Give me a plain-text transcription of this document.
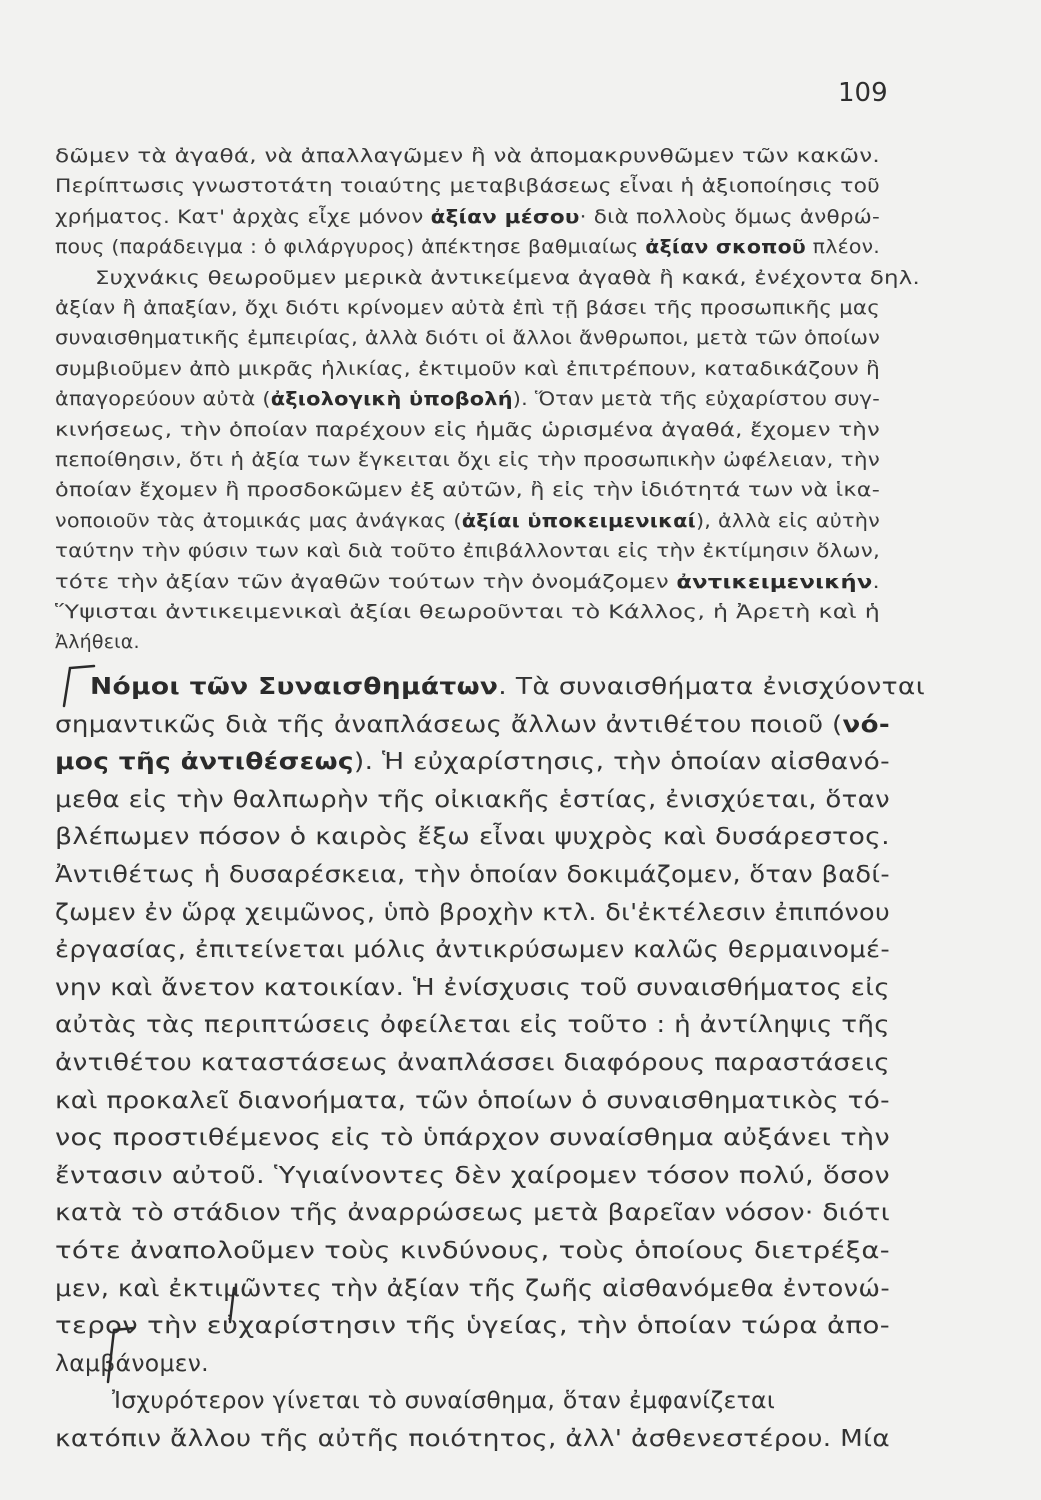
109
δῶμεν τὰ ἀγαθά, νὰ ἀπαλλαγῶμεν ἢ νὰ ἀπομακρυνθῶμεν τῶν κακῶν.
Περίπτωσις γνωστοτάτη τοιαύτης μεταβιβάσεως εἶναι ἡ ἀξιοποίησις τοῦ
χρήματος. Κατ' ἀρχὰς εἶχε μόνον ἀξίαν μέσου· διὰ πολλοὺς ὅμως ἀνθρώ-
πους (παράδειγμα : ὁ φιλάργυρος) ἀπέκτησε βαθμιαίως ἀξίαν σκοποῦ πλέον.
Συχνάκις θεωροῦμεν μερικὰ ἀντικείμενα ἀγαθὰ ἢ κακά, ἐνέχοντα δηλ.
ἀξίαν ἢ ἀπαξίαν, ὄχι διότι κρίνομεν αὐτὰ ἐπὶ τῇ βάσει τῆς προσωπικῆς μας
συναισθηματικῆς ἐμπειρίας, ἀλλὰ διότι οἱ ἄλλοι ἄνθρωποι, μετὰ τῶν ὁποίων
συμβιοῦμεν ἀπὸ μικρᾶς ἡλικίας, ἐκτιμοῦν καὶ ἐπιτρέπουν, καταδικάζουν ἢ
ἀπαγορεύουν αὐτὰ (ἀξιολογικὴ ὑποβολή). Ὅταν μετὰ τῆς εὐχαρίστου συγ-
κινήσεως, τὴν ὁποίαν παρέχουν εἰς ἡμᾶς ὡρισμένα ἀγαθά, ἔχομεν τὴν
πεποίθησιν, ὅτι ἡ ἀξία των ἔγκειται ὄχι εἰς τὴν προσωπικὴν ὠφέλειαν, τὴν
ὁποίαν ἔχομεν ἢ προσδοκῶμεν ἐξ αὐτῶν, ἢ εἰς τὴν ἰδιότητά των νὰ ἱκα-
νοποιοῦν τὰς ἀτομικάς μας ἀνάγκας (ἀξίαι ὑποκειμενικαί), ἀλλὰ εἰς αὐτὴν
ταύτην τὴν φύσιν των καὶ διὰ τοῦτο ἐπιβάλλονται εἰς τὴν ἐκτίμησιν ὅλων,
τότε τὴν ἀξίαν τῶν ἀγαθῶν τούτων τὴν ὀνομάζομεν ἀντικειμενικήν.
Ὕψισται ἀντικειμενικαὶ ἀξίαι θεωροῦνται τὸ Κάλλος, ἡ Ἀρετὴ καὶ ἡ
Ἀλήθεια.
Νόμοι τῶν Συναισθημάτων. Τὰ συναισθήματα ἐνισχύονται
σημαντικῶς διὰ τῆς ἀναπλάσεως ἄλλων ἀντιθέτου ποιοῦ (νό-
μος τῆς ἀντιθέσεως). Ἡ εὐχαρίστησις, τὴν ὁποίαν αἰσθανό-
μεθα εἰς τὴν θαλπωρὴν τῆς οἰκιακῆς ἑστίας, ἐνισχύεται, ὅταν
βλέπωμεν πόσον ὁ καιρὸς ἔξω εἶναι ψυχρὸς καὶ δυσάρεστος.
Ἀντιθέτως ἡ δυσαρέσκεια, τὴν ὁποίαν δοκιμάζομεν, ὅταν βαδί-
ζωμεν ἐν ὥρᾳ χειμῶνος, ὑπὸ βροχὴν κτλ. δι'ἐκτέλεσιν ἐπιπόνου
ἐργασίας, ἐπιτείνεται μόλις ἀντικρύσωμεν καλῶς θερμαινομέ-
νην καὶ ἄνετον κατοικίαν. Ἡ ἐνίσχυσις τοῦ συναισθήματος εἰς
αὐτὰς τὰς περιπτώσεις ὀφείλεται εἰς τοῦτο : ἡ ἀντίληψις τῆς
ἀντιθέτου καταστάσεως ἀναπλάσσει διαφόρους παραστάσεις
καὶ προκαλεῖ διανοήματα, τῶν ὁποίων ὁ συναισθηματικὸς τό-
νος προστιθέμενος εἰς τὸ ὑπάρχον συναίσθημα αὐξάνει τὴν
ἔντασιν αὐτοῦ. Ὑγιαίνοντες δὲν χαίρομεν τόσον πολύ, ὅσον
κατὰ τὸ στάδιον τῆς ἀναρρώσεως μετὰ βαρεῖαν νόσον· διότι
τότε ἀναπολοῦμεν τοὺς κινδύνους, τοὺς ὁποίους διετρέξα-
μεν, καὶ ἐκτιμῶντες τὴν ἀξίαν τῆς ζωῆς αἰσθανόμεθα ἐντονώ-
τερον τὴν εὐχαρίστησιν τῆς ὑγείας, τὴν ὁποίαν τώρα ἀπο-
λαμβάνομεν.
Ἰσχυρότερον γίνεται τὸ συναίσθημα, ὅταν ἐμφανίζεται
κατόπιν ἄλλου τῆς αὐτῆς ποιότητος, ἀλλ' ἀσθενεστέρου. Μία
